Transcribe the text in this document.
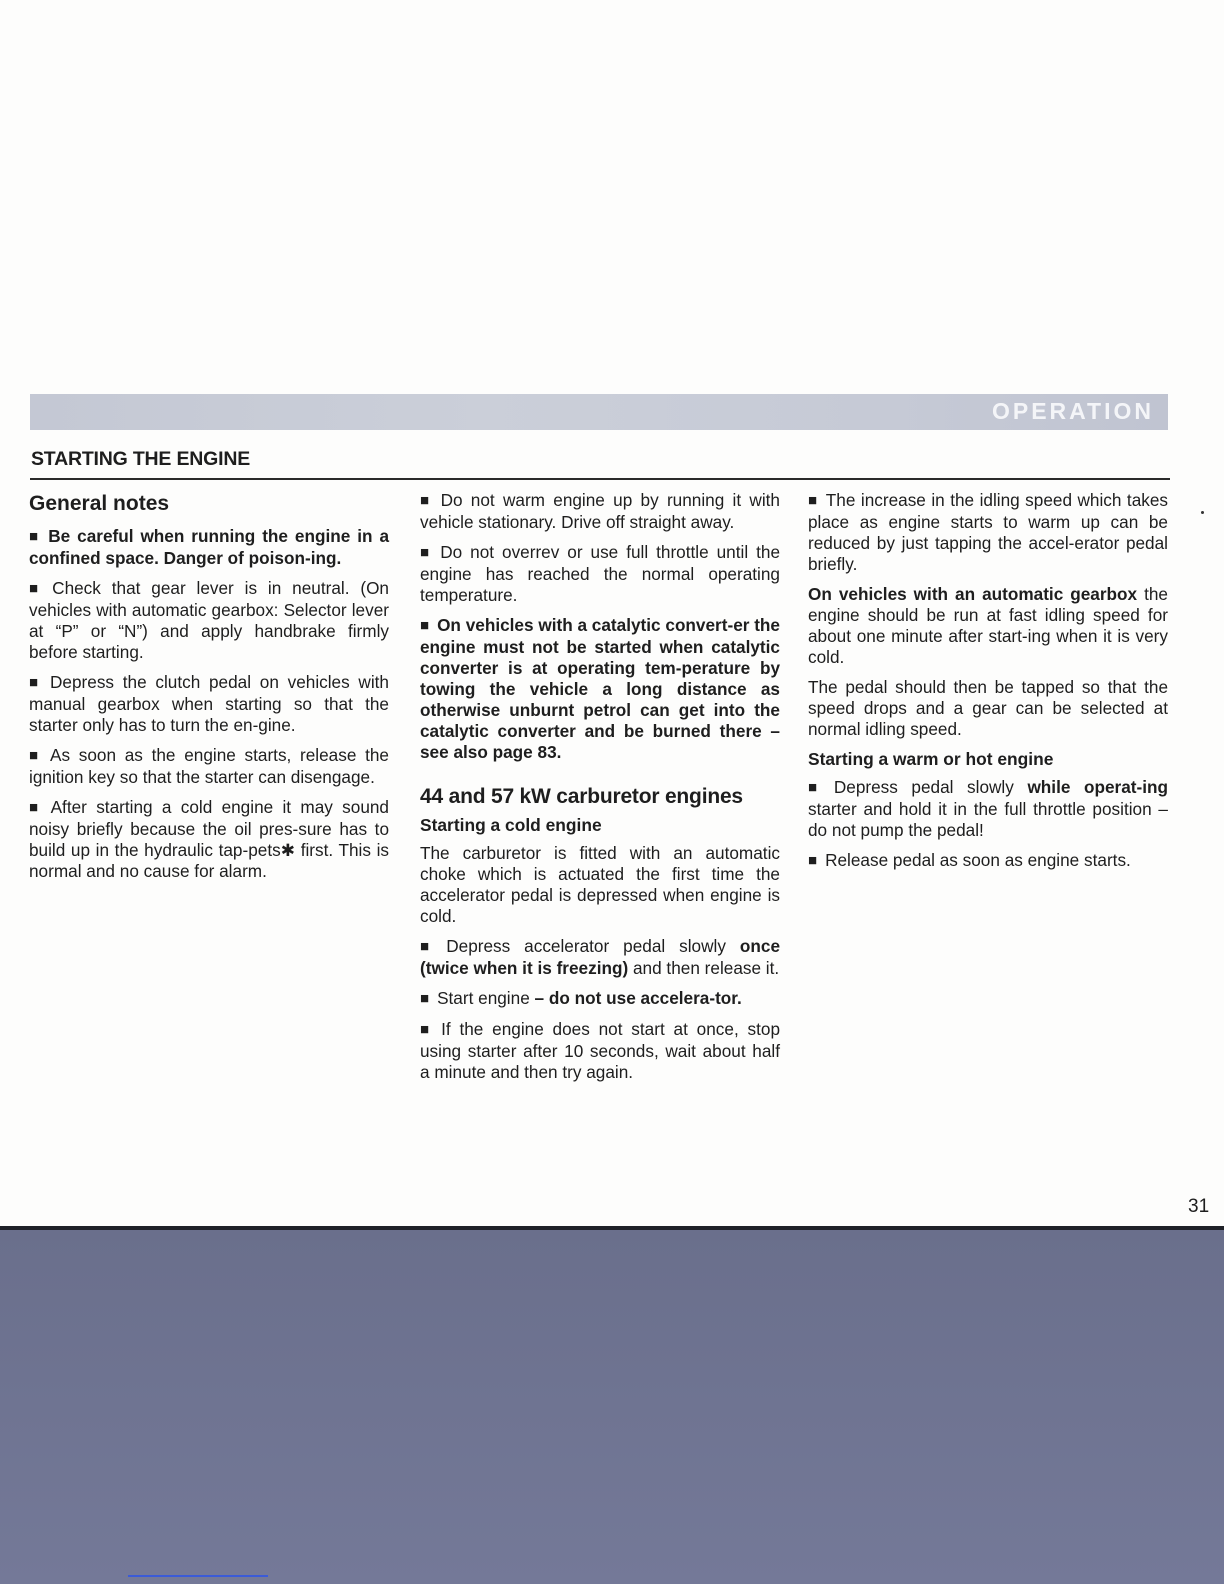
OPERATION
STARTING THE ENGINE
General notes

■ Be careful when running the engine in a confined space. Danger of poison-ing.

■ Check that gear lever is in neutral. (On vehicles with automatic gearbox: Selector lever at “P” or “N”) and apply handbrake firmly before starting.

■ Depress the clutch pedal on vehicles with manual gearbox when starting so that the starter only has to turn the en-gine.

■ As soon as the engine starts, release the ignition key so that the starter can disengage.

■ After starting a cold engine it may sound noisy briefly because the oil pres-sure has to build up in the hydraulic tap-pets✱ first. This is normal and no cause for alarm.

■ Do not warm engine up by running it with vehicle stationary. Drive off straight away.

■ Do not overrev or use full throttle until the engine has reached the normal operating temperature.

■ On vehicles with a catalytic convert-er the engine must not be started when catalytic converter is at operating tem-perature by towing the vehicle a long distance as otherwise unburnt petrol can get into the catalytic converter and be burned there – see also page 83.

44 and 57 kW carburetor engines
Starting a cold engine

The carburetor is fitted with an automatic choke which is actuated the first time the accelerator pedal is depressed when engine is cold.

■ Depress accelerator pedal slowly once (twice when it is freezing) and then release it.

■ Start engine – do not use accelera-tor.

■ If the engine does not start at once, stop using starter after 10 seconds, wait about half a minute and then try again.

■ The increase in the idling speed which takes place as engine starts to warm up can be reduced by just tapping the accel-erator pedal briefly.

On vehicles with an automatic gearbox the engine should be run at fast idling speed for about one minute after start-ing when it is very cold.

The pedal should then be tapped so that the speed drops and a gear can be selected at normal idling speed.

Starting a warm or hot engine

■ Depress pedal slowly while operat-ing starter and hold it in the full throttle position – do not pump the pedal!

■ Release pedal as soon as engine starts.

31
